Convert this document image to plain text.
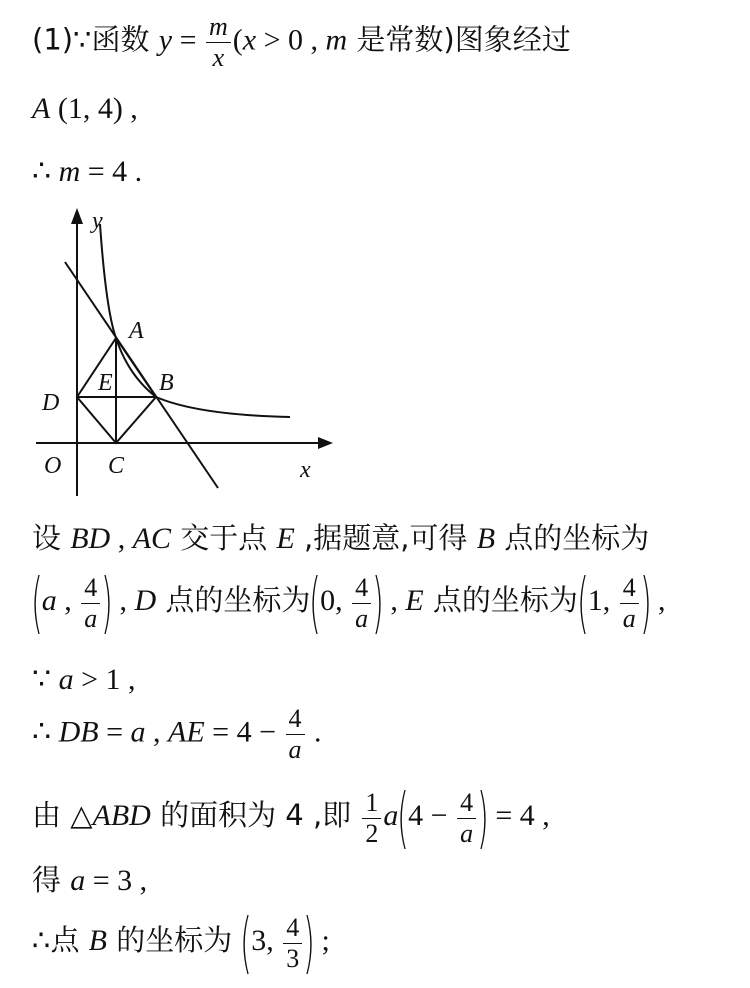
(1)∵函数 $y = \frac{m}{x} (x > 0$ , m 是常数)图象经过
A (1, 4) ,
∴ m = 4 .
y
A
E B
D
O C	x
设 BD , AC 交于点 E ,据题意,可得 B 点的坐标为
(a , $\frac{4}{a}$ ) , D 点的坐标为(0, $\frac{4}{a}$ ) , E 点的坐标为(1, $\frac{4}{a}$ ) ,
∵ a > 1 ,
∴ DB = a , AE = $4 - \frac{4}{a}$ .
由 △ABD 的面积为 4 ,即 $\frac{1}{2} a(4 - \frac{4}{a}$ ) = 4 ,
得 a = 3 ,
∴点 B 的坐标为 (3, $\frac{4}{3}$ ) ;
